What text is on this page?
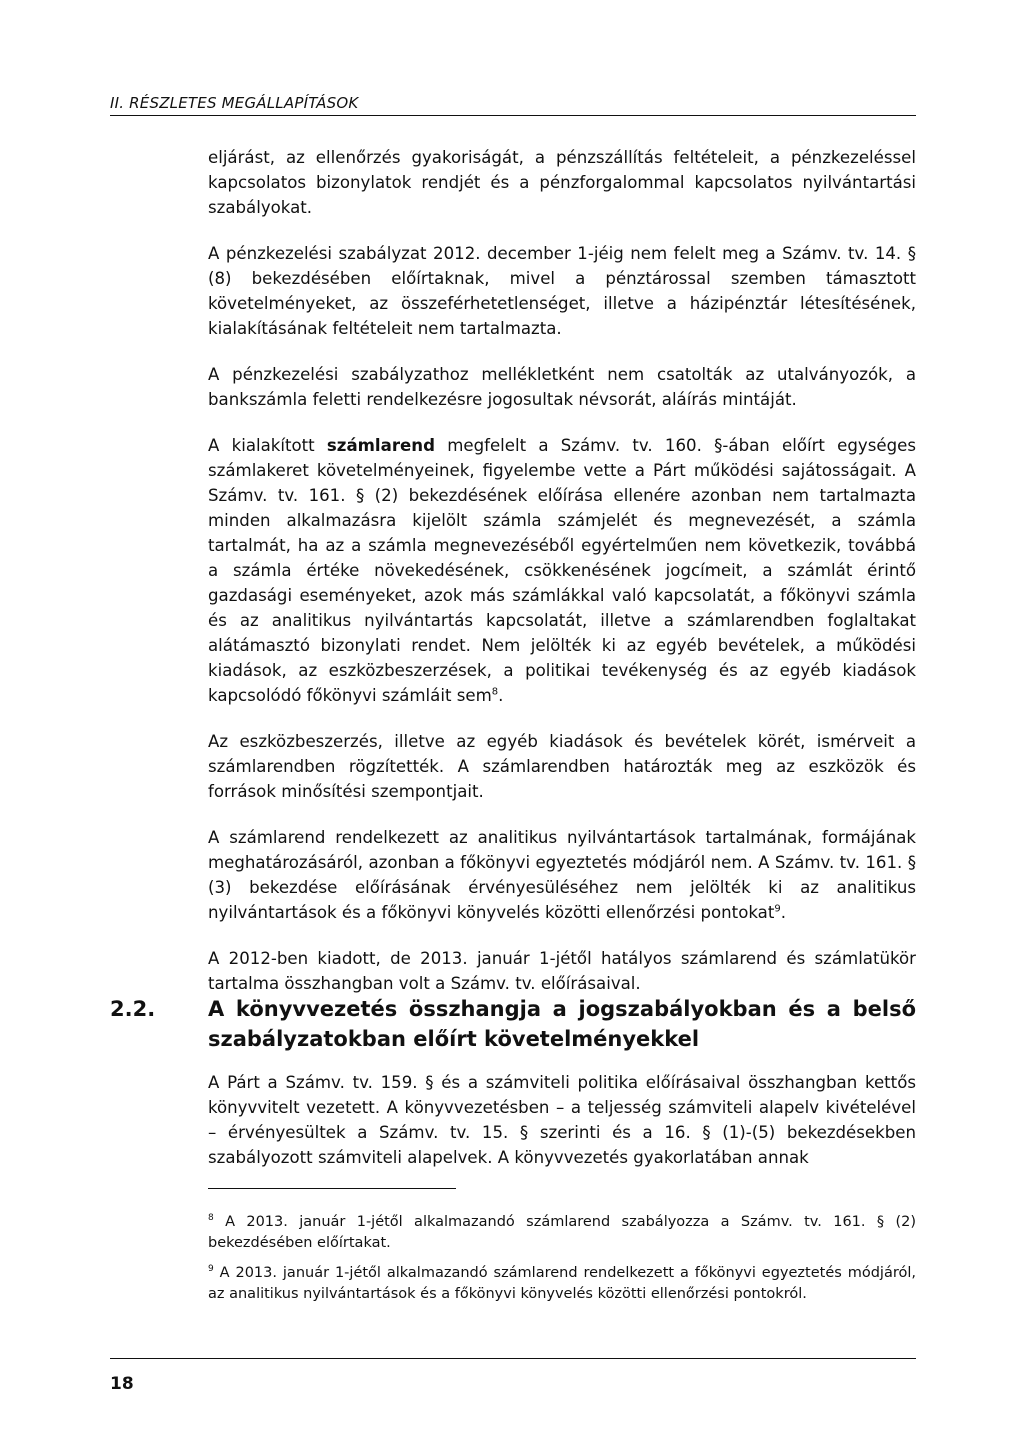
II. RÉSZLETES MEGÁLLAPÍTÁSOK

eljárást, az ellenőrzés gyakoriságát, a pénzszállítás feltételeit, a pénzkezeléssel kapcsolatos bizonylatok rendjét és a pénzforgalommal kapcsolatos nyilvántartási szabályokat.

A pénzkezelési szabályzat 2012. december 1-jéig nem felelt meg a Számv. tv. 14. § (8) bekezdésében előírtaknak, mivel a pénztárossal szemben támasztott követelményeket, az összeférhetetlenséget, illetve a házipénztár létesítésének, kialakításának feltételeit nem tartalmazta.

A pénzkezelési szabályzathoz mellékletként nem csatolták az utalványozók, a bankszámla feletti rendelkezésre jogosultak névsorát, aláírás mintáját.

A kialakított számlarend megfelelt a Számv. tv. 160. §-ában előírt egységes számlakeret követelményeinek, figyelembe vette a Párt működési sajátosságait. A Számv. tv. 161. § (2) bekezdésének előírása ellenére azonban nem tartalmazta minden alkalmazásra kijelölt számla számjelét és megnevezését, a számla tartalmát, ha az a számla megnevezéséből egyértelműen nem következik, továbbá a számla értéke növekedésének, csökkenésének jogcímeit, a számlát érintő gazdasági eseményeket, azok más számlákkal való kapcsolatát, a főkönyvi számla és az analitikus nyilvántartás kapcsolatát, illetve a számlarendben foglaltakat alátámasztó bizonylati rendet. Nem jelölték ki az egyéb bevételek, a működési kiadások, az eszközbeszerzések, a politikai tevékenység és az egyéb kiadások kapcsolódó főkönyvi számláit sem$^8$.

Az eszközbeszerzés, illetve az egyéb kiadások és bevételek körét, ismérveit a számlarendben rögzítették. A számlarendben határozták meg az eszközök és források minősítési szempontjait.

A számlarend rendelkezett az analitikus nyilvántartások tartalmának, formájának meghatározásáról, azonban a főkönyvi egyeztetés módjáról nem. A Számv. tv. 161. § (3) bekezdése előírásának érvényesüléséhez nem jelölték ki az analitikus nyilvántartások és a főkönyvi könyvelés közötti ellenőrzési pontokat$^9$.

A 2012-ben kiadott, de 2013. január 1-jétől hatályos számlarend és számlatükör tartalma összhangban volt a Számv. tv. előírásaival.

2.2.	A könyvvezetés összhangja a jogszabályokban és a belső szabályzatokban előírt követelményekkel

A Párt a Számv. tv. 159. § és a számviteli politika előírásaival összhangban kettős könyvvitelt vezetett. A könyvvezetésben – a teljesség számviteli alapelv kivételével – érvényesültek a Számv. tv. 15. § szerinti és a 16. § (1)-(5) bekezdésekben szabályozott számviteli alapelvek. A könyvvezetés gyakorlatában annak

$^8$ A 2013. január 1-jétől alkalmazandó számlarend szabályozza a Számv. tv. 161. § (2) bekezdésében előírtakat.

$^9$ A 2013. január 1-jétől alkalmazandó számlarend rendelkezett a főkönyvi egyeztetés módjáról, az analitikus nyilvántartások és a főkönyvi könyvelés közötti ellenőrzési pontokról.

18
